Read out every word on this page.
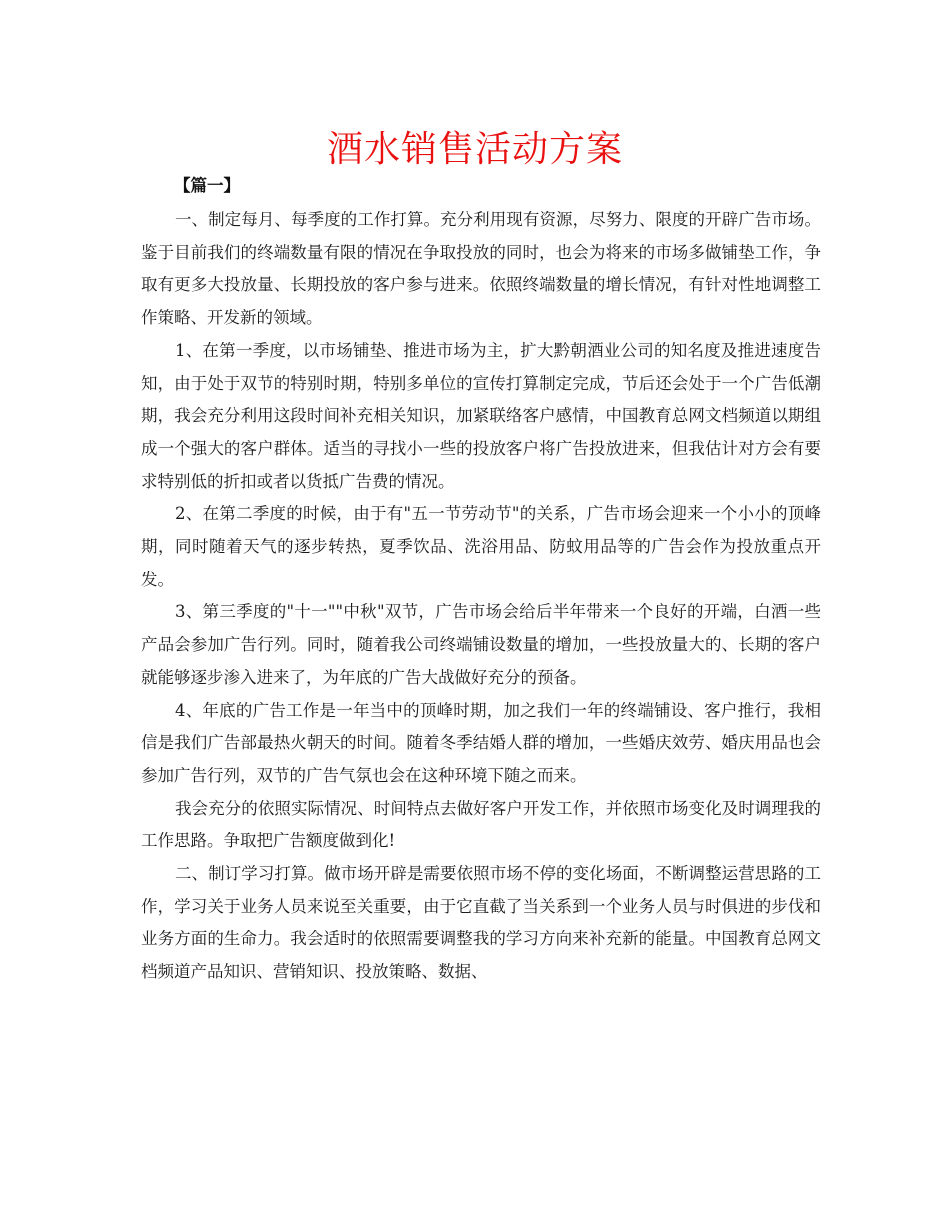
酒水销售活动方案
【篇一】

一、制定每月、每季度的工作打算。充分利用现有资源，尽努力、限度的开辟广告市场。鉴于目前我们的终端数量有限的情况在争取投放的同时，也会为将来的市场多做铺垫工作，争取有更多大投放量、长期投放的客户参与进来。依照终端数量的增长情况，有针对性地调整工作策略、开发新的领域。

1、在第一季度，以市场铺垫、推进市场为主，扩大黔朝酒业公司的知名度及推进速度告知，由于处于双节的特别时期，特别多单位的宣传打算制定完成，节后还会处于一个广告低潮期，我会充分利用这段时间补充相关知识，加紧联络客户感情，中国教育总网文档频道以期组成一个强大的客户群体。适当的寻找小一些的投放客户将广告投放进来，但我估计对方会有要求特别低的折扣或者以货抵广告费的情况。

2、在第二季度的时候，由于有"五一节劳动节"的关系，广告市场会迎来一个小小的顶峰期，同时随着天气的逐步转热，夏季饮品、洗浴用品、防蚊用品等的广告会作为投放重点开发。

3、第三季度的"十一""中秋"双节，广告市场会给后半年带来一个良好的开端，白酒一些产品会参加广告行列。同时，随着我公司终端铺设数量的增加，一些投放量大的、长期的客户就能够逐步渗入进来了，为年底的广告大战做好充分的预备。

4、年底的广告工作是一年当中的顶峰时期，加之我们一年的终端铺设、客户推行，我相信是我们广告部最热火朝天的时间。随着冬季结婚人群的增加，一些婚庆效劳、婚庆用品也会参加广告行列，双节的广告气氛也会在这种环境下随之而来。

我会充分的依照实际情况、时间特点去做好客户开发工作，并依照市场变化及时调理我的工作思路。争取把广告额度做到化!

二、制订学习打算。做市场开辟是需要依照市场不停的变化场面，不断调整运营思路的工作，学习关于业务人员来说至关重要，由于它直截了当关系到一个业务人员与时俱进的步伐和业务方面的生命力。我会适时的依照需要调整我的学习方向来补充新的能量。中国教育总网文档频道产品知识、营销知识、投放策略、数据、
